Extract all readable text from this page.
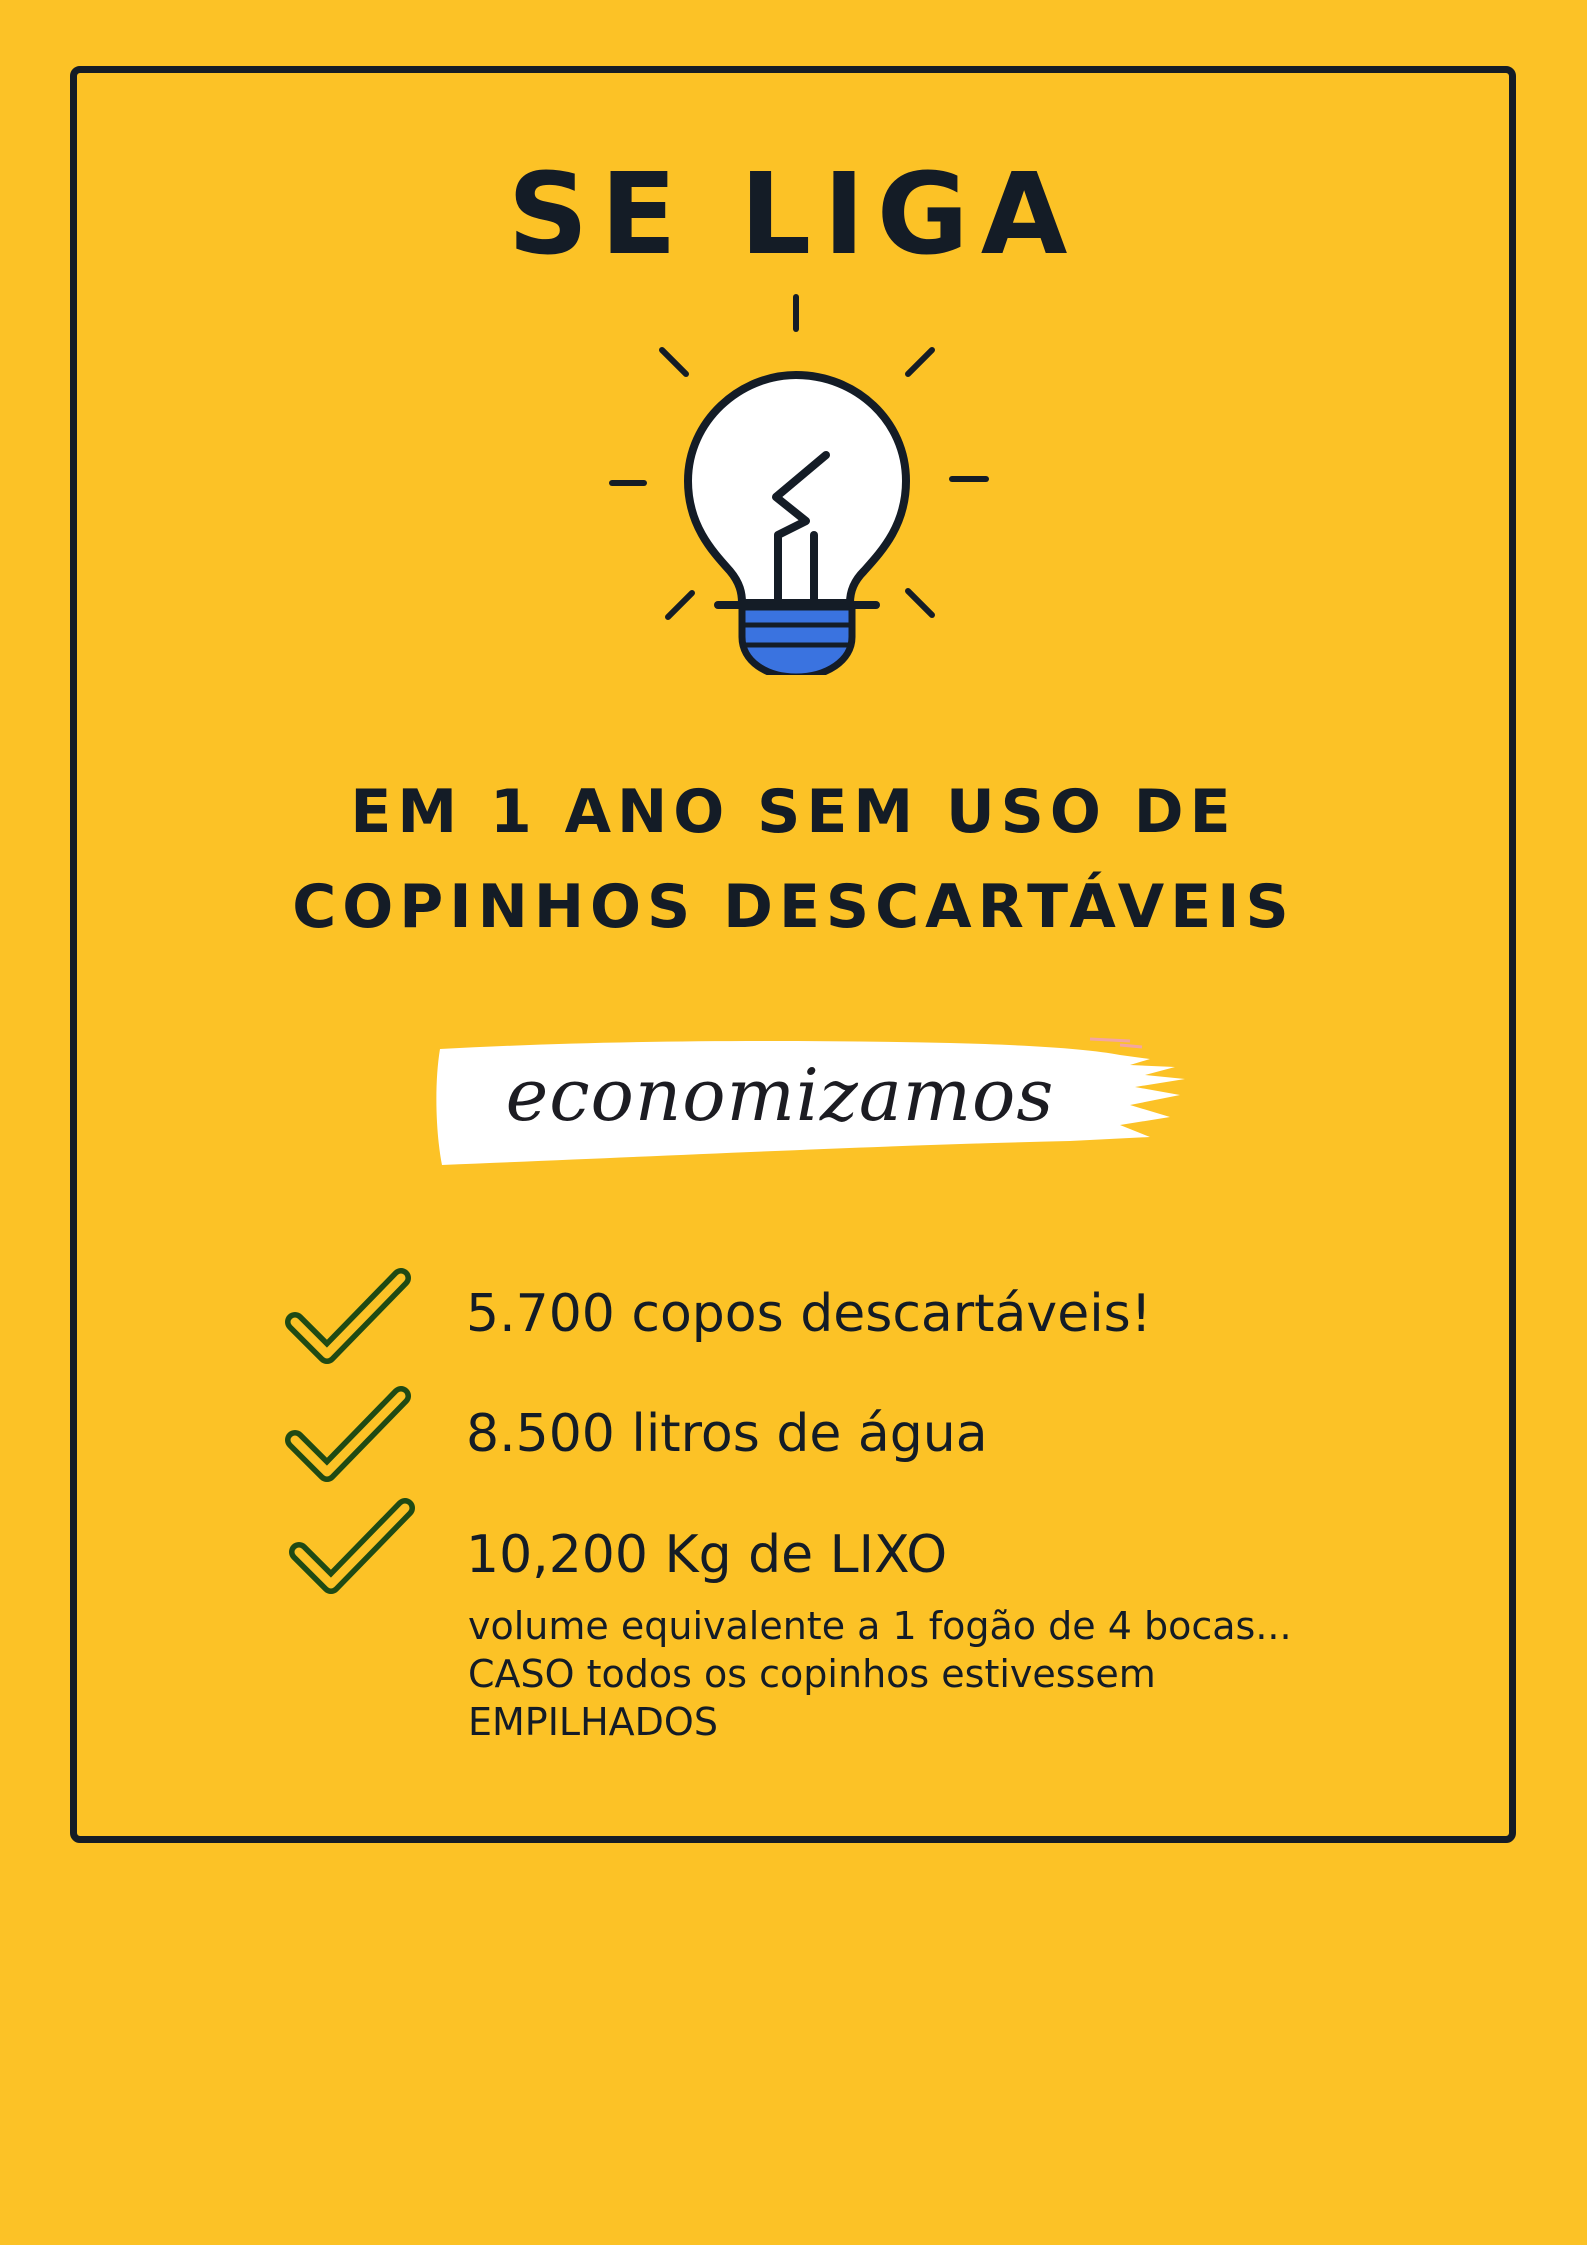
SE LIGA
EM 1 ANO SEM USO DE
COPINHOS DESCARTÁVEIS
economizamos
5.700 copos descartáveis!
8.500 litros de água
10,200 Kg de LIXO
volume equivalente a 1 fogão de 4 bocas...
CASO todos os copinhos estivessem
EMPILHADOS
